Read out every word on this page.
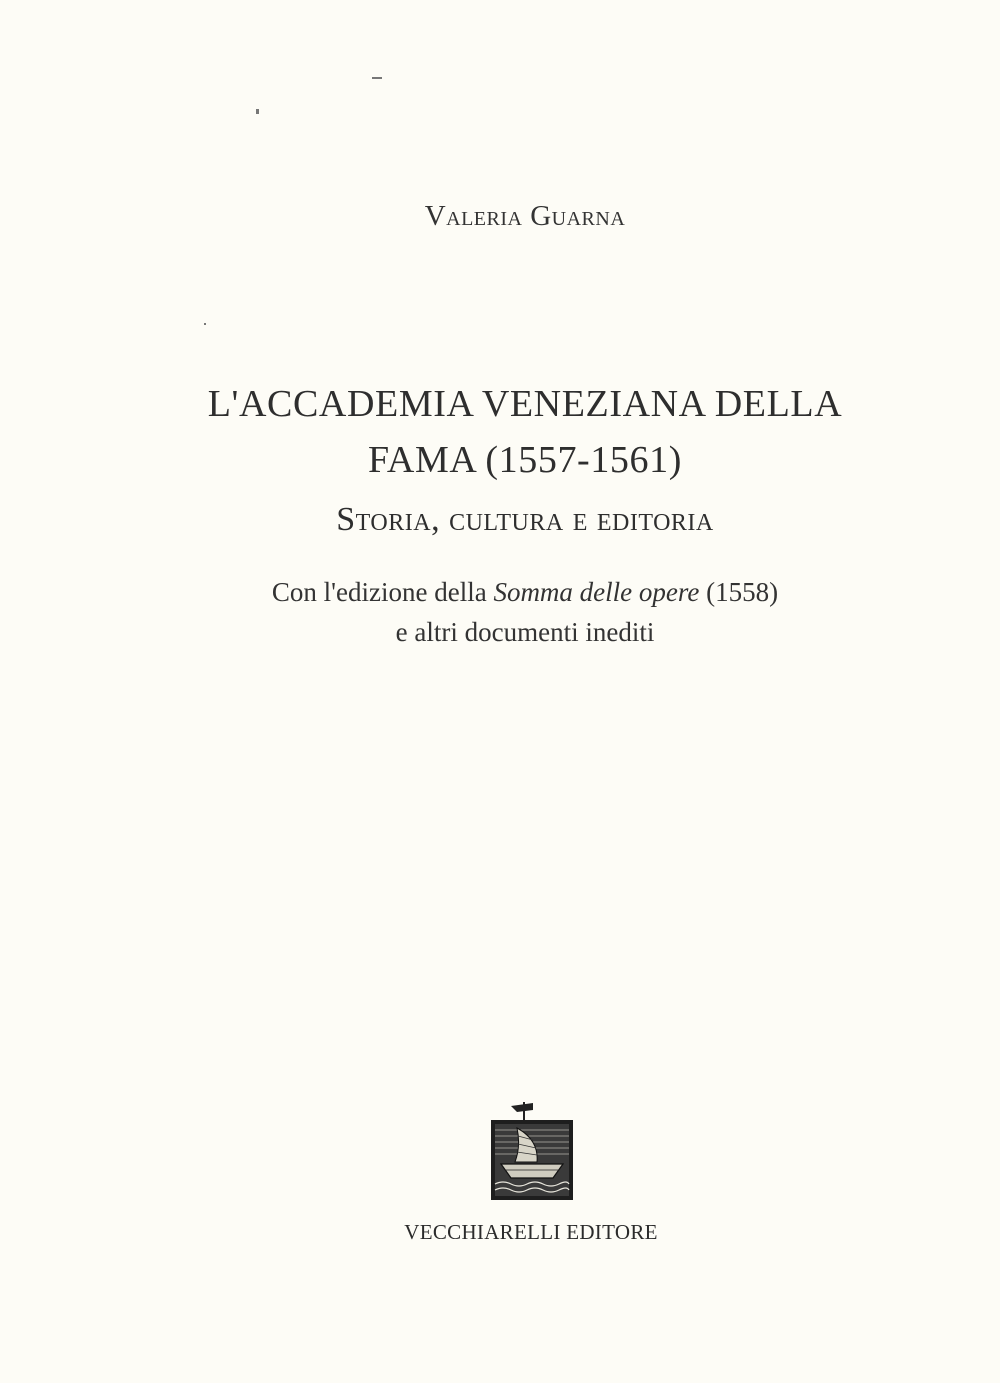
Valeria Guarna
L'ACCADEMIA VENEZIANA DELLA
FAMA (1557-1561)
Storia, cultura e editoria
Con l'edizione della Somma delle opere (1558)
e altri documenti inediti
VECCHIARELLI EDITORE
